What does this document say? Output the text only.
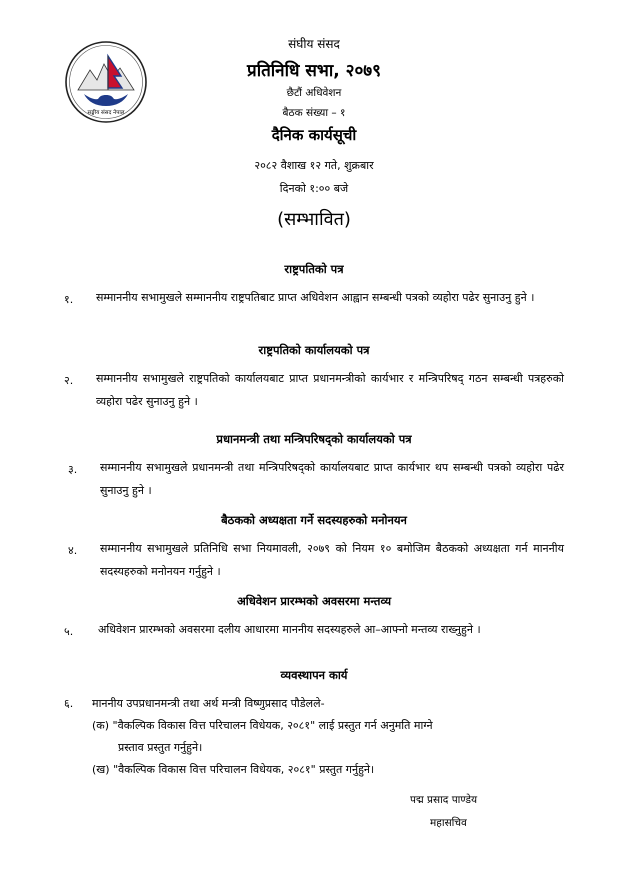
सङ्घीय संसद नेपाल
संघीय संसद
प्रतिनिधि सभा, २०७९
छैटौं अधिवेशन
बैठक संख्या – १
दैनिक कार्यसूची
२०८२ वैशाख १२ गते, शुक्रबार
दिनको १:०० बजे
(सम्भावित)
राष्ट्रपतिको पत्र
१. सम्माननीय सभामुखले सम्माननीय राष्ट्रपतिबाट प्राप्त अधिवेशन आह्वान सम्बन्धी पत्रको व्यहोरा पढेर सुनाउनु हुने ।
राष्ट्रपतिको कार्यालयको पत्र
२. सम्माननीय सभामुखले राष्ट्रपतिको कार्यालयबाट प्राप्त प्रधानमन्त्रीको कार्यभार र मन्त्रिपरिषद् गठन सम्बन्धी पत्रहरुको व्यहोरा पढेर सुनाउनु हुने ।
प्रधानमन्त्री तथा मन्त्रिपरिषद्को कार्यालयको पत्र
३. सम्माननीय सभामुखले प्रधानमन्त्री तथा मन्त्रिपरिषद्को कार्यालयबाट प्राप्त कार्यभार थप सम्बन्धी पत्रको व्यहोरा पढेर सुनाउनु हुने ।
बैठकको अध्यक्षता गर्ने सदस्यहरुको मनोनयन
४. सम्माननीय सभामुखले प्रतिनिधि सभा नियमावली, २०७९ को नियम १० बमोजिम बैठकको अध्यक्षता गर्न माननीय सदस्यहरुको मनोनयन गर्नुहुने ।
अधिवेशन प्रारम्भको अवसरमा मन्तव्य
५. अधिवेशन प्रारम्भको अवसरमा दलीय आधारमा माननीय सदस्यहरुले आ–आफ्नो मन्तव्य राख्नुहुने ।
व्यवस्थापन कार्य
६. माननीय उपप्रधानमन्त्री तथा अर्थ मन्त्री विष्णुप्रसाद पौडेलले-
(क) "वैकल्पिक विकास वित्त परिचालन विधेयक, २०८१" लाई प्रस्तुत गर्न अनुमति माग्ने
प्रस्ताव प्रस्तुत गर्नुहुने।
(ख) "वैकल्पिक विकास वित्त परिचालन विधेयक, २०८१" प्रस्तुत गर्नुहुने।
पद्म प्रसाद पाण्डेय
महासचिव
